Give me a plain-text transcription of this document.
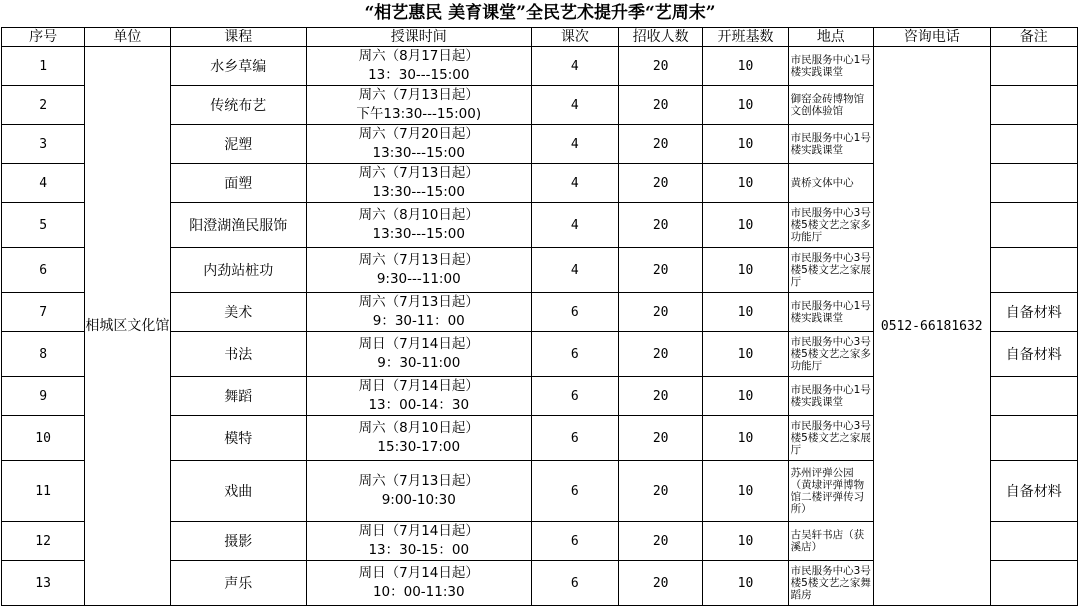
“相艺惠民 美育课堂”全民艺术提升季“艺周末”
序号	单位	课程	授课时间	课次	招收人数	开班基数	地点	咨询电话	备注
1	相城区文化馆	水乡草编	周六（8月17日起）
13：30---15:00	4	20	10	市民服务中心1号楼实践课堂	0512-66181632	
2		传统布艺	周六（7月13日起）
下午13:30---15:00)	4	20	10	御窑金砖博物馆文创体验馆		
3		泥塑	周六（7月20日起）
13:30---15:00	4	20	10	市民服务中心1号楼实践课堂		
4		面塑	周六（7月13日起）
13:30---15:00	4	20	10	黄桥文体中心		
5		阳澄湖渔民服饰	周六（8月10日起）
13:30---15:00	4	20	10	市民服务中心3号楼5楼文艺之家多功能厅		
6		内劲站桩功	周六（7月13日起）
9:30---11:00	4	20	10	市民服务中心3号楼5楼文艺之家展厅		
7		美术	周六（7月13日起）
9：30-11：00	6	20	10	市民服务中心1号楼实践课堂		自备材料
8		书法	周日（7月14日起）
9：30-11:00	6	20	10	市民服务中心3号楼5楼文艺之家多功能厅		自备材料
9		舞蹈	周日（7月14日起）
13：00-14：30	6	20	10	市民服务中心1号楼实践课堂		
10		模特	周六（8月10日起）
15:30-17:00	6	20	10	市民服务中心3号楼5楼文艺之家展厅		
11		戏曲	周六（7月13日起）
9:00-10:30	6	20	10	苏州评弹公园（黄埭评弹博物馆二楼评弹传习所）		自备材料
12		摄影	周日（7月14日起）
13：30-15：00	6	20	10	古吴轩书店（获溪店）		
13		声乐	周日（7月14日起）
10：00-11:30	6	20	10	市民服务中心3号楼5楼文艺之家舞蹈房		
